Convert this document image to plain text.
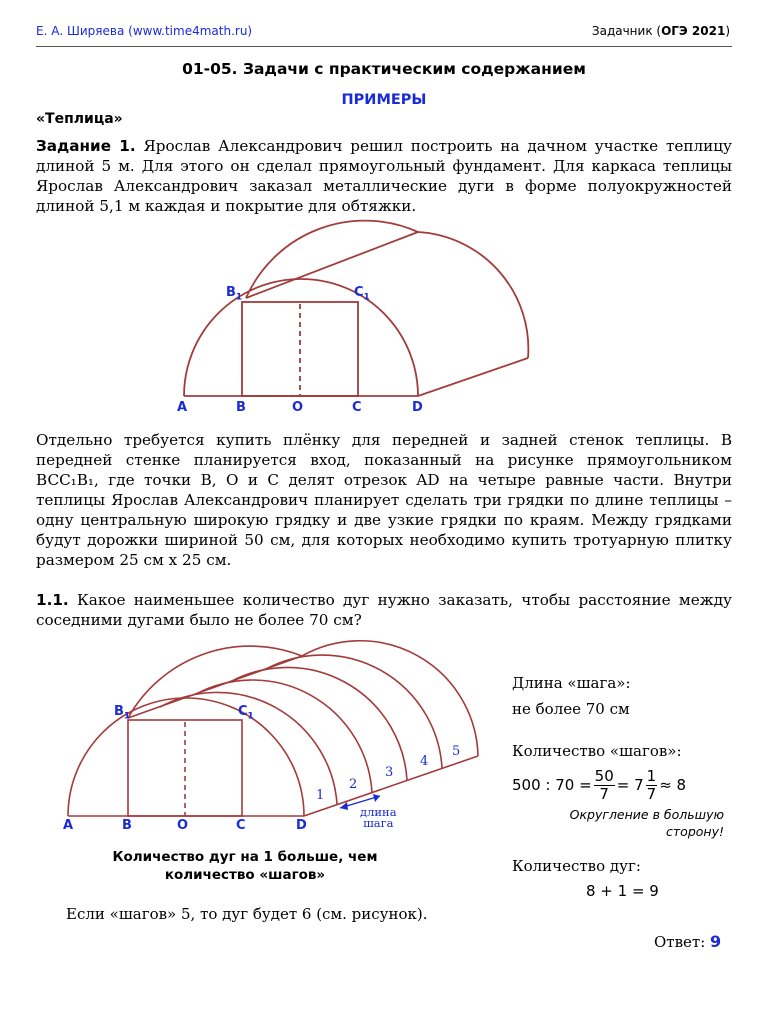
Е. А. Ширяева (www.time4math.ru)	Задачник (ОГЭ 2021)
01-05. Задачи с практическим содержанием
ПРИМЕРЫ
«Теплица»
Задание 1. Ярослав Александрович решил построить на дачном участке теплицу длиной 5 м. Для этого он сделал прямоугольный фундамент. Для каркаса теплицы Ярослав Александрович заказал металлические дуги в форме полуокружностей длиной 5,1 м каждая и покрытие для обтяжки.
$B_1$	$C_1$
A	B	O	C	D
Отдельно требуется купить плёнку для передней и задней стенок теплицы. В передней стенке планируется вход, показанный на рисунке прямоугольником BCC₁B₁, где точки B, O и C делят отрезок AD на четыре равные части. Внутри теплицы Ярослав Александрович планирует сделать три грядки по длине теплицы – одну центральную широкую грядку и две узкие грядки по краям. Между грядками будут дорожки шириной 50 см, для которых необходимо купить тротуарную плитку размером 25 см x 25 см.
1.1. Какое наименьшее количество дуг нужно заказать, чтобы расстояние между соседними дугами было не более 70 см?
$B_1$	$C_1$
A	B	O	C	D
1
2
3
4
5
длина
шага
Количество дуг на 1 больше, чем
количество «шагов»
Если «шагов» 5, то дуг будет 6 (см. рисунок).
Длина «шага»:
не более 70 см
Количество «шагов»:
500 : $70 = \frac{50}{7} = 7 \frac{1}{7} \approx 8$
Округление в большую
сторону!
Количество дуг:
8 + 1 = 9
Ответ: 9
